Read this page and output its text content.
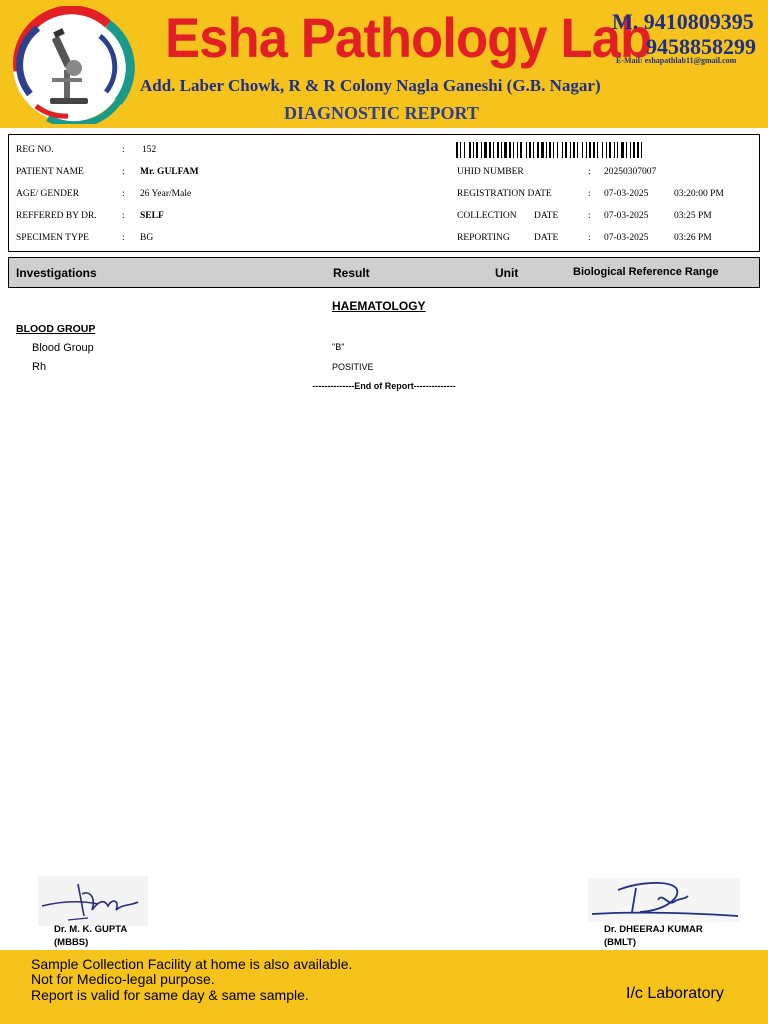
Esha Pathology Lab
Add. Laber Chowk, R & R Colony Nagla Ganeshi (G.B. Nagar)
DIAGNOSTIC REPORT
M. 9410809395
9458858299
E-Mail: eshapathlab11@gmail.com
REG NO.	: 152
PATIENT NAME	: Mr. GULFAM
AGE/ GENDER	: 26 Year/Male
REFFERED BY DR.	: SELF
SPECIMEN TYPE	: BG
UHID NUMBER	: 20250307007
REGISTRATION DATE	: 07-03-2025	03:20:00 PM
COLLECTION DATE	: 07-03-2025	03:25 PM
REPORTING	DATE	: 07-03-2025	03:26 PM
Investigations	Result	Unit	Biological Reference Range
HAEMATOLOGY
BLOOD GROUP
Blood Group	"B"
Rh	POSITIVE
--------------End of Report--------------
Dr. M. K. GUPTA
(MBBS)
Dr. DHEERAJ KUMAR
(BMLT)
Sample Collection Facility at home is also available.
Not for Medico-legal purpose.
Report is valid for same day & same sample.	I/c Laboratory
